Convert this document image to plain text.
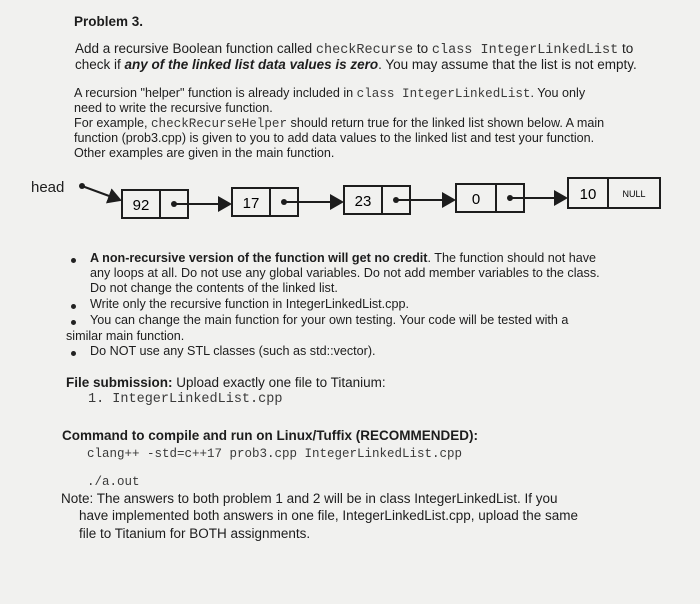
Problem 3.
Add a recursive Boolean function called checkRecurse to class IntegerLinkedList to
check if any of the linked list data values is zero. You may assume that the list is not empty.
A recursion "helper" function is already included in class IntegerLinkedList. You only
need to write the recursive function.
For example, checkRecurseHelper should return true for the linked list shown below. A main
function (prob3.cpp) is given to you to add data values to the linked list and test your function.
Other examples are given in the main function.
head
92	17	23	0	10	NULL
A non-recursive version of the function will get no credit. The function should not have
any loops at all. Do not use any global variables. Do not add member variables to the class.
Do not change the contents of the linked list.
Write only the recursive function in IntegerLinkedList.cpp.
You can change the main function for your own testing. Your code will be tested with a
similar main function.
Do NOT use any STL classes (such as std::vector).
File submission: Upload exactly one file to Titanium:
1. IntegerLinkedList.cpp
Command to compile and run on Linux/Tuffix (RECOMMENDED):
clang++ -std=c++17 prob3.cpp IntegerLinkedList.cpp
./a.out
Note: The answers to both problem 1 and 2 will be in class IntegerLinkedList. If you
have implemented both answers in one file, IntegerLinkedList.cpp, upload the same
file to Titanium for BOTH assignments.
